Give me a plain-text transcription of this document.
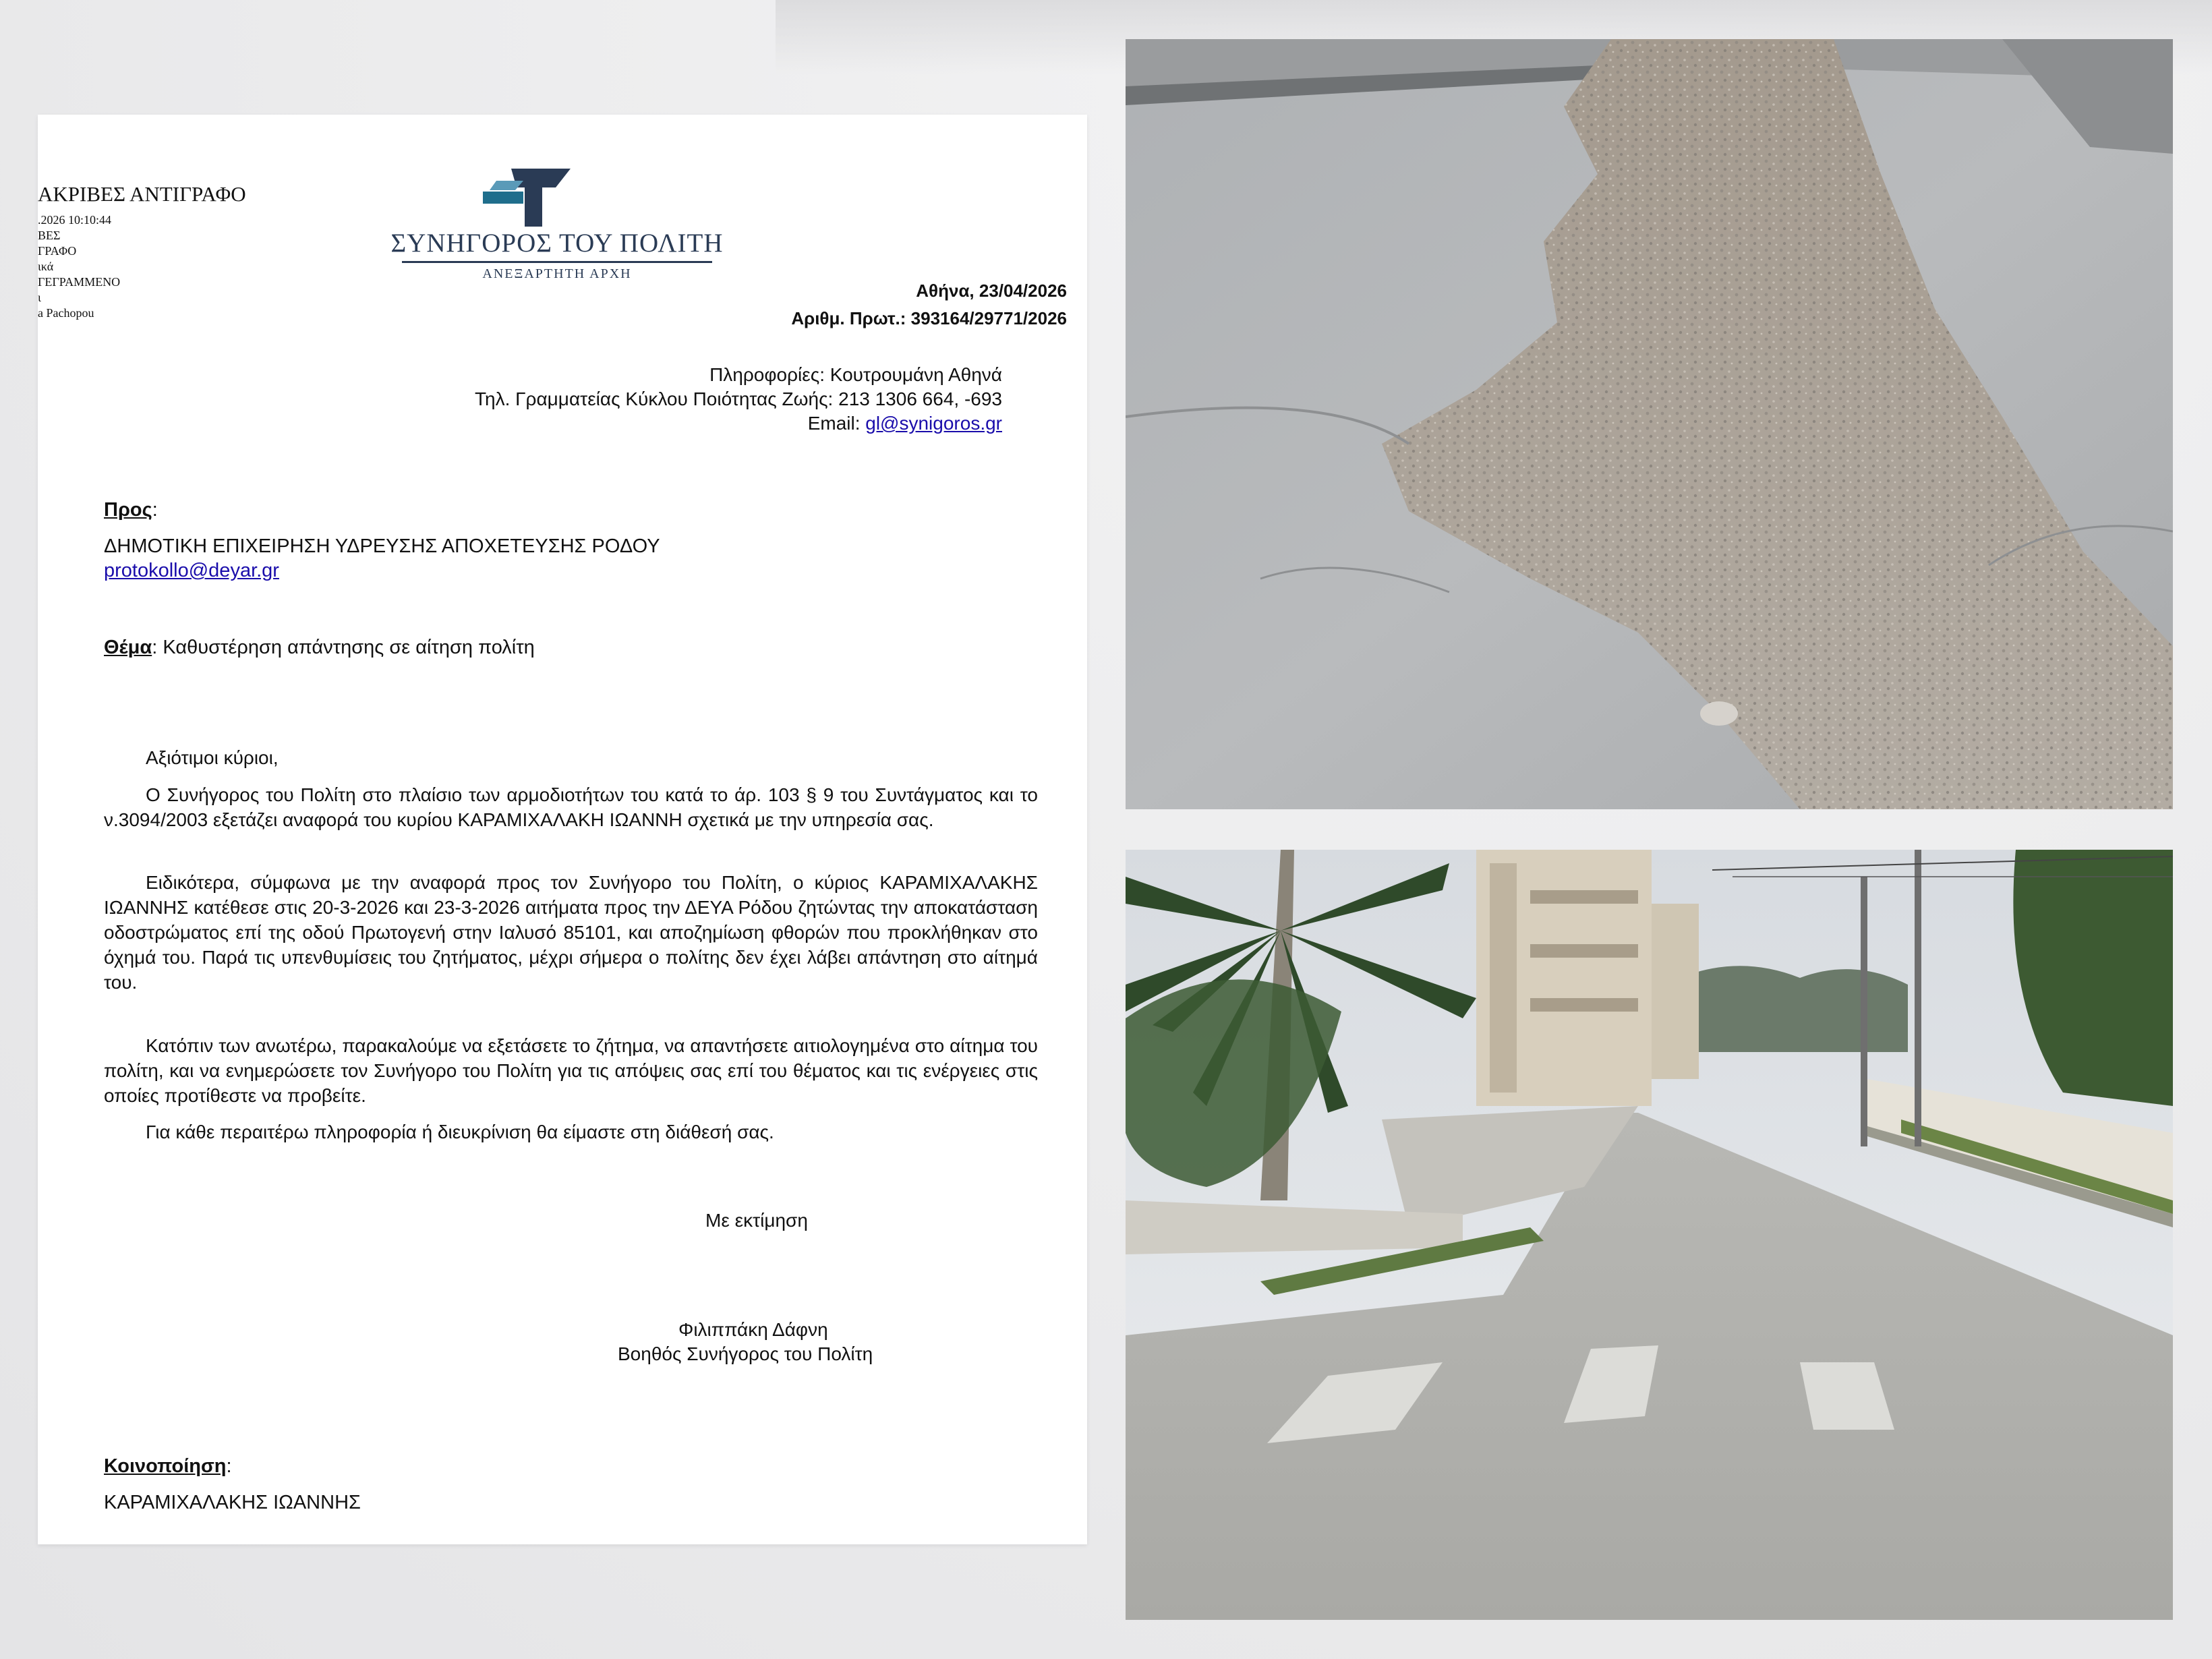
ΑΚΡΙΒΕΣ ΑΝΤΙΓΡΑΦΟ
.2026 10:10:44
ΒΕΣ
ΓΡΑΦΟ
ικά
ΓΕΓΡΑΜΜΕΝΟ
ι
a Pachopou
ΣΥΝΗΓΟΡΟΣ ΤΟΥ ΠΟΛΙΤΗ
ΑΝΕΞΑΡΤΗΤΗ ΑΡΧΗ
Αθήνα, 23/04/2026
Αριθμ. Πρωτ.: 393164/29771/2026
Πληροφορίες: Κουτρουμάνη Αθηνά
Τηλ. Γραμματείας Κύκλου Ποιότητας Ζωής: 213 1306 664, -693
Email: gl@synigoros.gr
Προς:
ΔΗΜΟΤΙΚΗ ΕΠΙΧΕΙΡΗΣΗ ΥΔΡΕΥΣΗΣ ΑΠΟΧΕΤΕΥΣΗΣ ΡΟΔΟΥ
protokollo@deyar.gr
Θέμα: Καθυστέρηση απάντησης σε αίτηση πολίτη
Αξιότιμοι κύριοι,
Ο Συνήγορος του Πολίτη στο πλαίσιο των αρμοδιοτήτων του κατά το άρ. 103 § 9 του Συντάγματος και το ν.3094/2003 εξετάζει αναφορά του κυρίου ΚΑΡΑΜΙΧΑΛΑΚΗ ΙΩΑΝΝΗ σχετικά με την υπηρεσία σας.
Ειδικότερα, σύμφωνα με την αναφορά προς τον Συνήγορο του Πολίτη, ο κύριος ΚΑΡΑΜΙΧΑΛΑΚΗΣ ΙΩΑΝΝΗΣ κατέθεσε στις 20-3-2026 και 23-3-2026 αιτήματα προς την ΔΕΥΑ Ρόδου ζητώντας την αποκατάσταση οδοστρώματος επί της οδού Πρωτογενή στην Ιαλυσό 85101, και αποζημίωση φθορών που προκλήθηκαν στο όχημά του. Παρά τις υπενθυμίσεις του ζητήματος, μέχρι σήμερα ο πολίτης δεν έχει λάβει απάντηση στο αίτημά του.
Κατόπιν των ανωτέρω, παρακαλούμε να εξετάσετε το ζήτημα, να απαντήσετε αιτιολογημένα στο αίτημα του πολίτη, και να ενημερώσετε τον Συνήγορο του Πολίτη για τις απόψεις σας επί του θέματος και τις ενέργειες στις οποίες προτίθεστε να προβείτε.
Για κάθε περαιτέρω πληροφορία ή διευκρίνιση θα είμαστε στη διάθεσή σας.
Με εκτίμηση
Φιλιππάκη Δάφνη
Βοηθός Συνήγορος του Πολίτη
Κοινοποίηση:
ΚΑΡΑΜΙΧΑΛΑΚΗΣ ΙΩΑΝΝΗΣ
